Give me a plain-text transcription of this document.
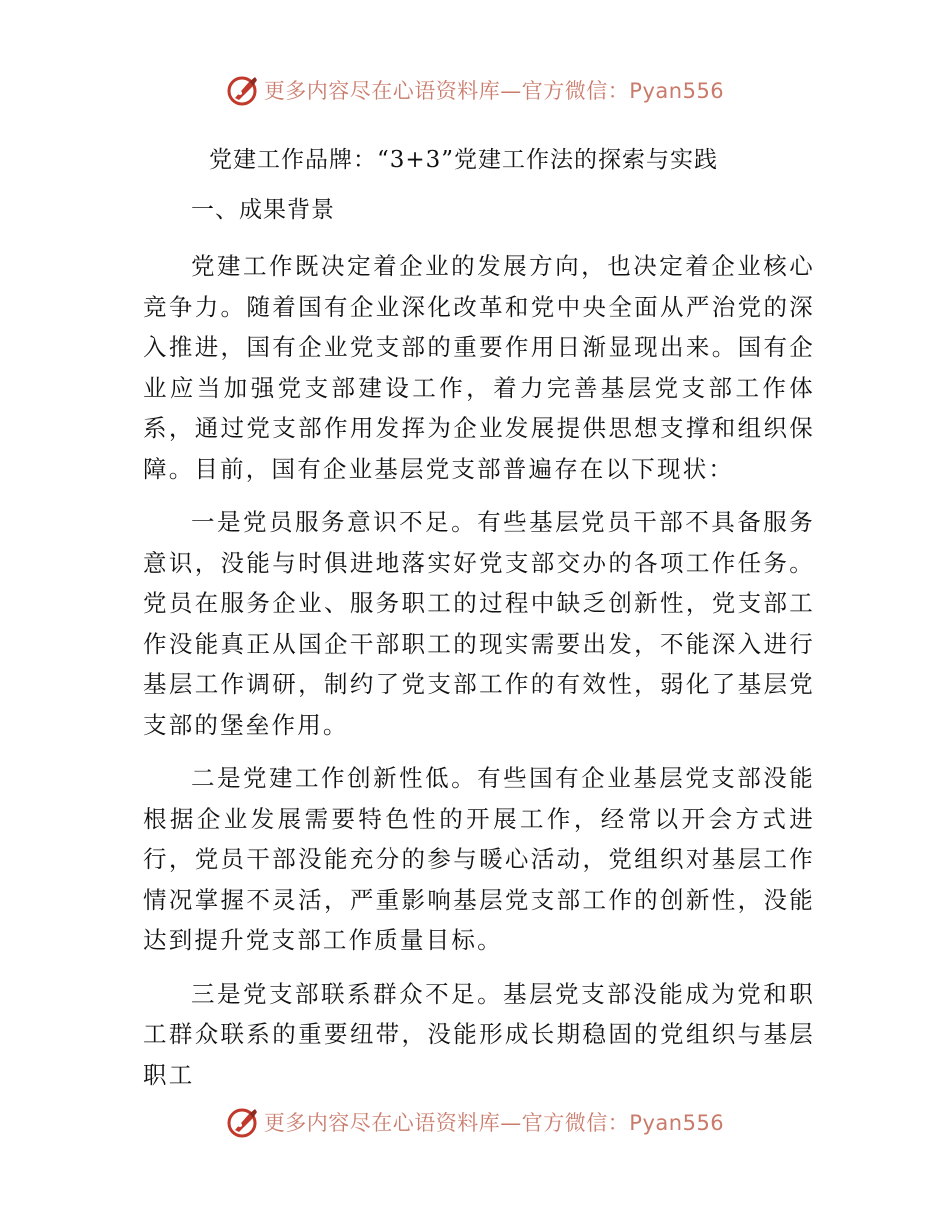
更多内容尽在心语资料库—官方微信：Pyan556
党建工作品牌：“3+3”党建工作法的探索与实践
一、成果背景

党建工作既决定着企业的发展方向，也决定着企业核心竞争力。随着国有企业深化改革和党中央全面从严治党的深入推进，国有企业党支部的重要作用日渐显现出来。国有企业应当加强党支部建设工作，着力完善基层党支部工作体系，通过党支部作用发挥为企业发展提供思想支撑和组织保障。目前，国有企业基层党支部普遍存在以下现状：

一是党员服务意识不足。有些基层党员干部不具备服务意识，没能与时俱进地落实好党支部交办的各项工作任务。党员在服务企业、服务职工的过程中缺乏创新性，党支部工作没能真正从国企干部职工的现实需要出发，不能深入进行基层工作调研，制约了党支部工作的有效性，弱化了基层党支部的堡垒作用。

二是党建工作创新性低。有些国有企业基层党支部没能根据企业发展需要特色性的开展工作，经常以开会方式进行，党员干部没能充分的参与暖心活动，党组织对基层工作情况掌握不灵活，严重影响基层党支部工作的创新性，没能达到提升党支部工作质量目标。

三是党支部联系群众不足。基层党支部没能成为党和职工群众联系的重要纽带，没能形成长期稳固的党组织与基层职工

更多内容尽在心语资料库—官方微信：Pyan556
